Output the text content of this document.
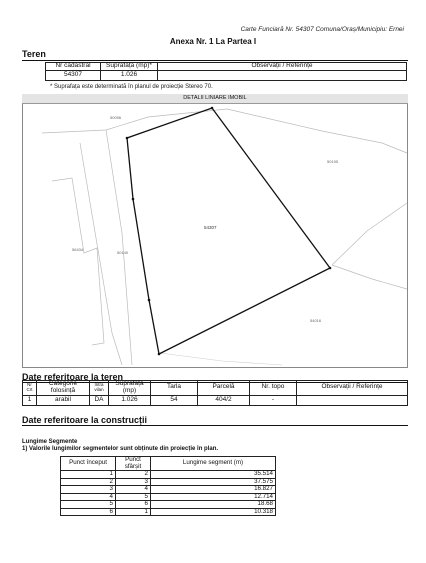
Carte Funciară Nr. 54307 Comuna/Oraș/Municipiu: Ernei
Anexa Nr. 1 La Partea I
Teren
Nr cadastral	Suprafața (mp)*	Observații / Referințe
54307	1.026	
* Suprafața este determinată în planul de proiecție Stereo 70.
DETALII LINIARE IMOBIL
50096
50195
54307
56434
50140
54016
Date referitoare la teren
Nr Crt	Categorie folosință	Intra vilan	Suprafața (mp)	Tarla	Parcelă	Nr. topo	Observații / Referințe
1	arabil	DA	1.026	54	404/2	-	
Date referitoare la construcții
Lungime Segmente
1) Valorile lungimilor segmentelor sunt obținute din proiecție în plan.
Punct început	Punct sfârșit	Lungime segment (m)
1	2	35.514
2	3	37.575
3	4	16.827
4	5	12.714
5	6	18.68
6	1	10.318
